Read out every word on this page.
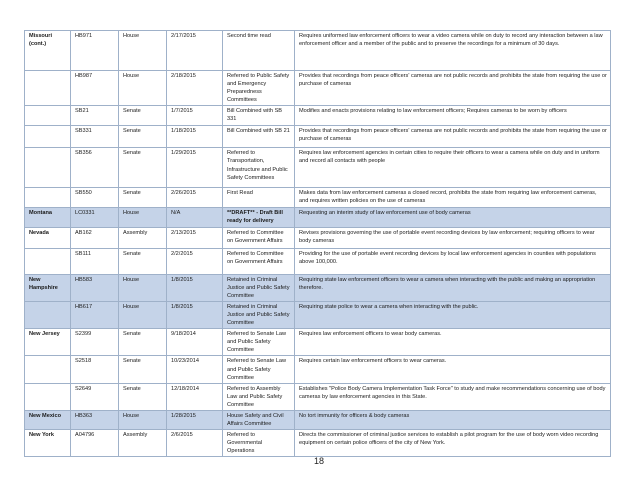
Missouri
(cont.)	HB971	House	2/17/2015	Second time read	Requires uniformed law enforcement officers to wear a video camera while on duty to record any interaction between a law enforcement officer and a member of the public and to preserve the recordings for a minimum of 30 days.
	HB987	House	2/18/2015	Referred to Public Safety and Emergency Preparedness Committees	Provides that recordings from peace officers' cameras are not public records and prohibits the state from requiring the use or purchase of cameras
	SB21	Senate	1/7/2015	Bill Combined with SB 331	Modifies and enacts provisions relating to law enforcement officers; Requires cameras to be worn by officers
	SB331	Senate	1/18/2015	Bill Combined with SB 21	Provides that recordings from peace officers' cameras are not public records and prohibits the state from requiring the use or purchase of cameras
	SB356	Senate	1/29/2015	Referred to Transportation, Infrastructure and Public Safety Committees	Requires law enforcement agencies in certain cities to require their officers to wear a camera while on duty and in uniform and record all contacts with people
	SB550	Senate	2/26/2015	First Read	Makes data from law enforcement cameras a closed record, prohibits the state from requiring law enforcement cameras, and requires written policies on the use of cameras
Montana	LC0331	House	N/A	**DRAFT** - Draft Bill ready for delivery	Requesting an interim study of law enforcement use of body cameras
Nevada	AB162	Assembly	2/13/2015	Referred to Committee on Government Affairs	Revises provisions governing the use of portable event recording devices by law enforcement; requiring officers to wear body cameras
	SB111	Senate	2/2/2015	Referred to Committee on Government Affairs	Providing for the use of portable event recording devices by local law enforcement agencies in counties with populations above 100,000.
New Hampshire	HB583	House	1/8/2015	Retained in Criminal Justice and Public Safety Committee	Requiring state law enforcement officers to wear a camera when interacting with the public and making an appropriation therefore.
	HB617	House	1/8/2015	Retained in Criminal Justice and Public Safety Committee	Requiring state police to wear a camera when interacting with the public.
New Jersey	S2399	Senate	9/18/2014	Referred to Senate Law and Public Safety Committee	Requires law enforcement officers to wear body cameras.
	S2518	Senate	10/23/2014	Referred to Senate Law and Public Safety Committee	Requires certain law enforcement officers to wear cameras.
	S2649	Senate	12/18/2014	Referred to Assembly Law and Public Safety Committee	Establishes "Police Body Camera Implementation Task Force" to study and make recommendations concerning use of body cameras by law enforcement agencies in this State.
New Mexico	HB363	House	1/28/2015	House Safety and Civil Affairs Committee	No tort immunity for officers & body cameras
New York	A04796	Assembly	2/6/2015	Referred to Governmental Operations	Directs the commissioner of criminal justice services to establish a pilot program for the use of body worn video recording equipment on certain police officers of the city of New York.
18
